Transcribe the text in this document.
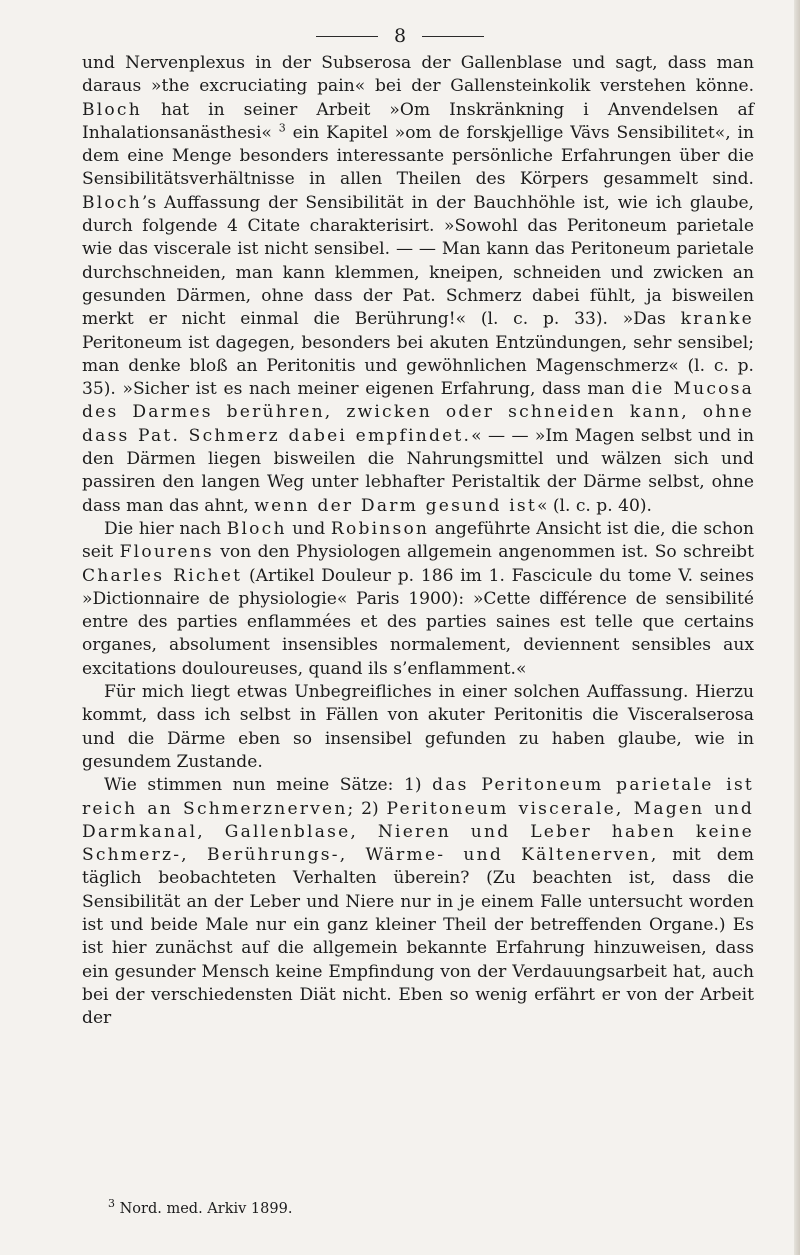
8

und Nervenplexus in der Subserosa der Gallenblase und sagt, dass man daraus »the excruciating pain« bei der Gallensteinkolik verstehen könne. Bloch hat in seiner Arbeit »Om Inskränkning i Anvendelsen af Inhalationsanästhesi« $^3$ ein Kapitel »om de forskjellige Vävs Sensibilitet«, in dem eine Menge besonders interessante persönliche Erfahrungen über die Sensibilitätsverhältnisse in allen Theilen des Körpers gesammelt sind. Bloch’s Auffassung der Sensibilität in der Bauchhöhle ist, wie ich glaube, durch folgende 4 Citate charakterisirt. »Sowohl das Peritoneum parietale wie das viscerale ist nicht sensibel. — — Man kann das Peritoneum parietale durchschneiden, man kann klemmen, kneipen, schneiden und zwicken an gesunden Därmen, ohne dass der Pat. Schmerz dabei fühlt, ja bisweilen merkt er nicht einmal die Berührung!« (l. c. p. 33). »Das kranke Peritoneum ist dagegen, besonders bei akuten Entzündungen, sehr sensibel; man denke bloß an Peritonitis und gewöhnlichen Magenschmerz« (l. c. p. 35). »Sicher ist es nach meiner eigenen Erfahrung, dass man die Mucosa des Darmes berühren, zwicken oder schneiden kann, ohne dass Pat. Schmerz dabei empfindet.« — — »Im Magen selbst und in den Därmen liegen bisweilen die Nahrungsmittel und wälzen sich und passiren den langen Weg unter lebhafter Peristaltik der Därme selbst, ohne dass man das ahnt, wenn der Darm gesund ist« (l. c. p. 40).

Die hier nach Bloch und Robinson angeführte Ansicht ist die, die schon seit Flourens von den Physiologen allgemein angenommen ist. So schreibt Charles Richet (Artikel Douleur p. 186 im 1. Fascicule du tome V. seines »Dictionnaire de physiologie« Paris 1900): »Cette différence de sensibilité entre des parties enflammées et des parties saines est telle que certains organes, absolument insensibles normalement, deviennent sensibles aux excitations douloureuses, quand ils s’enflamment.«

Für mich liegt etwas Unbegreifliches in einer solchen Auffassung. Hierzu kommt, dass ich selbst in Fällen von akuter Peritonitis die Visceralserosa und die Därme eben so insensibel gefunden zu haben glaube, wie in gesundem Zustande.

Wie stimmen nun meine Sätze: 1) das Peritoneum parietale ist reich an Schmerznerven; 2) Peritoneum viscerale, Magen und Darmkanal, Gallenblase, Nieren und Leber haben keine Schmerz-, Berührungs-, Wärme- und Kältenerven, mit dem täglich beobachteten Verhalten überein? (Zu beachten ist, dass die Sensibilität an der Leber und Niere nur in je einem Falle untersucht worden ist und beide Male nur ein ganz kleiner Theil der betreffenden Organe.) Es ist hier zunächst auf die allgemein bekannte Erfahrung hinzuweisen, dass ein gesunder Mensch keine Empfindung von der Verdauungsarbeit hat, auch bei der verschiedensten Diät nicht. Eben so wenig erfährt er von der Arbeit der

$^3$ Nord. med. Arkiv 1899.
